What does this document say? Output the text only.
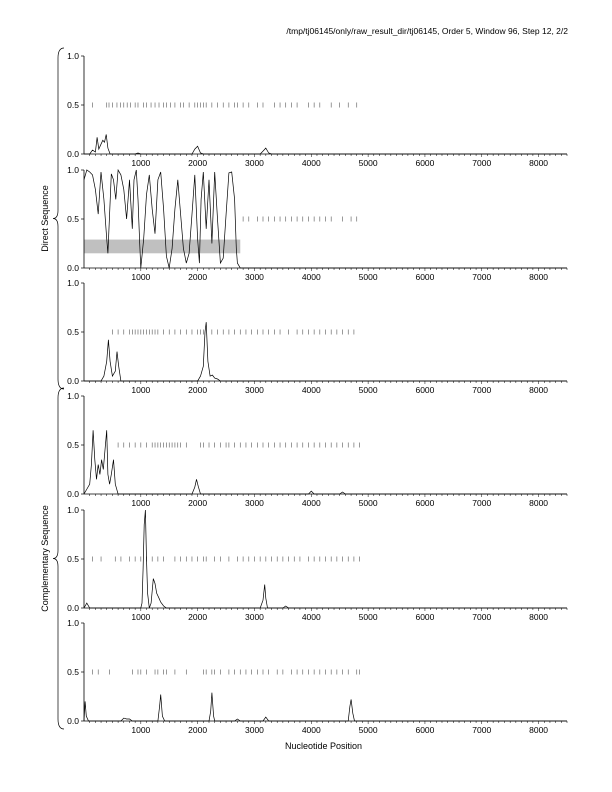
/tmp/tj06145/only/raw_result_dir/tj06145, Order 5, Window 96, Step 12, 2/2
0.0
0.5
1.0
1000	2000	3000	4000	5000	6000	7000	8000
0.0
0.5
1.0
1000	2000	3000	4000	5000	6000	7000	8000
0.0
0.5
1.0
1000	2000	3000	4000	5000	6000	7000	8000
0.0
0.5
1.0
1000	2000	3000	4000	5000	6000	7000	8000
0.0
0.5
1.0
1000	2000	3000	4000	5000	6000	7000	8000
0.0
0.5
1.0
1000	2000	3000	4000	5000	6000	7000	8000
Direct Sequence
Complementary Sequence
Nucleotide Position
